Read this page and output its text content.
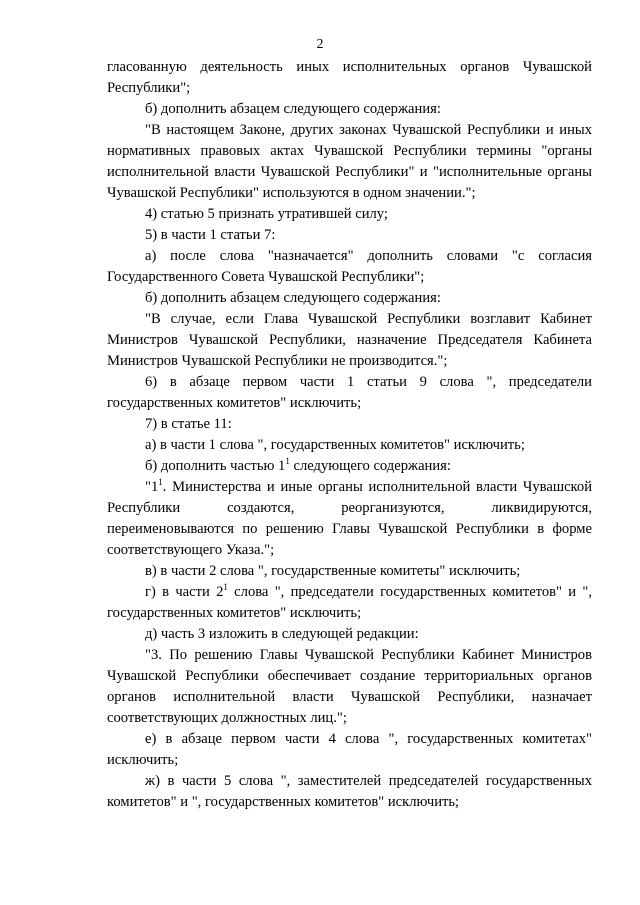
2

гласованную деятельность иных исполнительных органов Чувашской Республики";

б) дополнить абзацем следующего содержания:

"В настоящем Законе, других законах Чувашской Республики и иных нормативных правовых актах Чувашской Республики термины "органы исполнительной власти Чувашской Республики" и "исполнительные органы Чувашской Республики" используются в одном значении.";

4) статью 5 признать утратившей силу;

5) в части 1 статьи 7:

а) после слова "назначается" дополнить словами "с согласия Государственного Совета Чувашской Республики";

б) дополнить абзацем следующего содержания:

"В случае, если Глава Чувашской Республики возглавит Кабинет Министров Чувашской Республики, назначение Председателя Кабинета Министров Чувашской Республики не производится.";

6) в абзаце первом части 1 статьи 9 слова ", председатели государственных комитетов" исключить;

7) в статье 11:

а) в части 1 слова ", государственных комитетов" исключить;

б) дополнить частью $1^1$ следующего содержания:

"$1^1$. Министерства и иные органы исполнительной власти Чувашской Республики создаются, реорганизуются, ликвидируются, переименовываются по решению Главы Чувашской Республики в форме соответствующего Указа.";

в) в части 2 слова ", государственные комитеты" исключить;

г) в части $2^1$ слова ", председатели государственных комитетов" и ", государственных комитетов" исключить;

д) часть 3 изложить в следующей редакции:

"3. По решению Главы Чувашской Республики Кабинет Министров Чувашской Республики обеспечивает создание территориальных органов органов исполнительной власти Чувашской Республики, назначает соответствующих должностных лиц.";

е) в абзаце первом части 4 слова ", государственных комитетах" исключить;

ж) в части 5 слова ", заместителей председателей государственных комитетов" и ", государственных комитетов" исключить;
